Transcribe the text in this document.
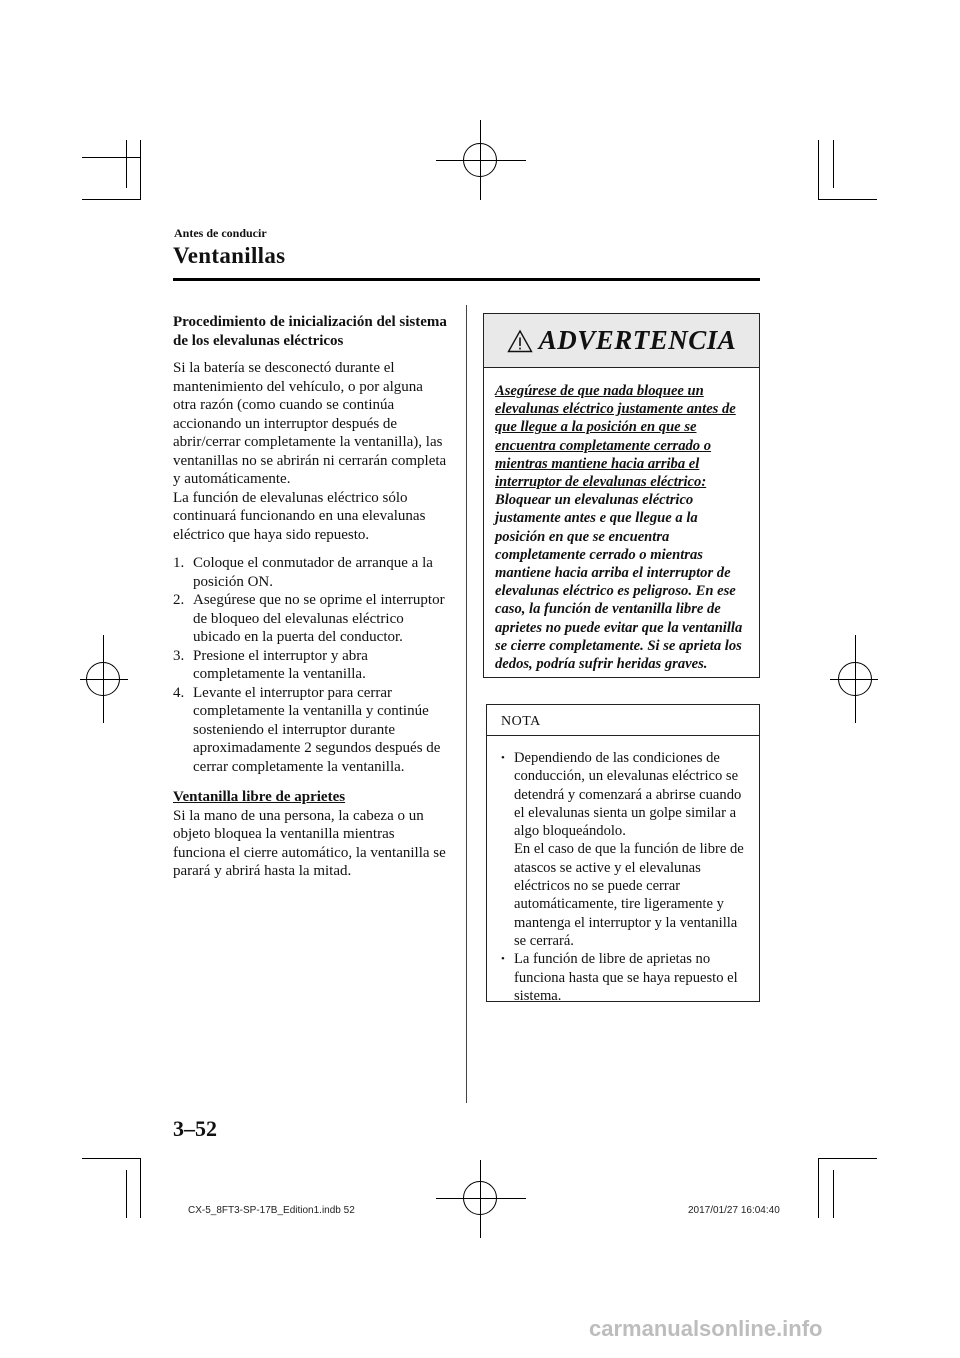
Antes de conducir
Ventanillas

Procedimiento de inicialización del sistema de los elevalunas eléctricos

Si la batería se desconectó durante el mantenimiento del vehículo, o por alguna otra razón (como cuando se continúa accionando un interruptor después de abrir/cerrar completamente la ventanilla), las ventanillas no se abrirán ni cerrarán completa y automáticamente.

La función de elevalunas eléctrico sólo continuará funcionando en una elevalunas eléctrico que haya sido repuesto.

1. Coloque el conmutador de arranque a la posición ON.
2. Asegúrese que no se oprime el interruptor de bloqueo del elevalunas eléctrico ubicado en la puerta del conductor.
3. Presione el interruptor y abra completamente la ventanilla.
4. Levante el interruptor para cerrar completamente la ventanilla y continúe sosteniendo el interruptor durante aproximadamente 2 segundos después de cerrar completamente la ventanilla.

Ventanilla libre de aprietes

Si la mano de una persona, la cabeza o un objeto bloquea la ventanilla mientras funciona el cierre automático, la ventanilla se parará y abrirá hasta la mitad.

ADVERTENCIA
Asegúrese de que nada bloquee un elevalunas eléctrico justamente antes de que llegue a la posición en que se encuentra completamente cerrado o mientras mantiene hacia arriba el interruptor de elevalunas eléctrico: Bloquear un elevalunas eléctrico justamente antes e que llegue a la posición en que se encuentra completamente cerrado o mientras mantiene hacia arriba el interruptor de elevalunas eléctrico es peligroso. En ese caso, la función de ventanilla libre de aprietes no puede evitar que la ventanilla se cierre completamente. Si se aprieta los dedos, podría sufrir heridas graves.
NOTA
• Dependiendo de las condiciones de conducción, un elevalunas eléctrico se detendrá y comenzará a abrirse cuando el elevalunas sienta un golpe similar a algo bloqueándolo.
En el caso de que la función de libre de atascos se active y el elevalunas eléctricos no se puede cerrar automáticamente, tire ligeramente y mantenga el interruptor y la ventanilla se cerrará.
• La función de libre de aprietas no funciona hasta que se haya repuesto el sistema.
3–52
CX-5_8FT3-SP-17B_Edition1.indb 52	2017/01/27 16:04:40
carmanualsonline.info
